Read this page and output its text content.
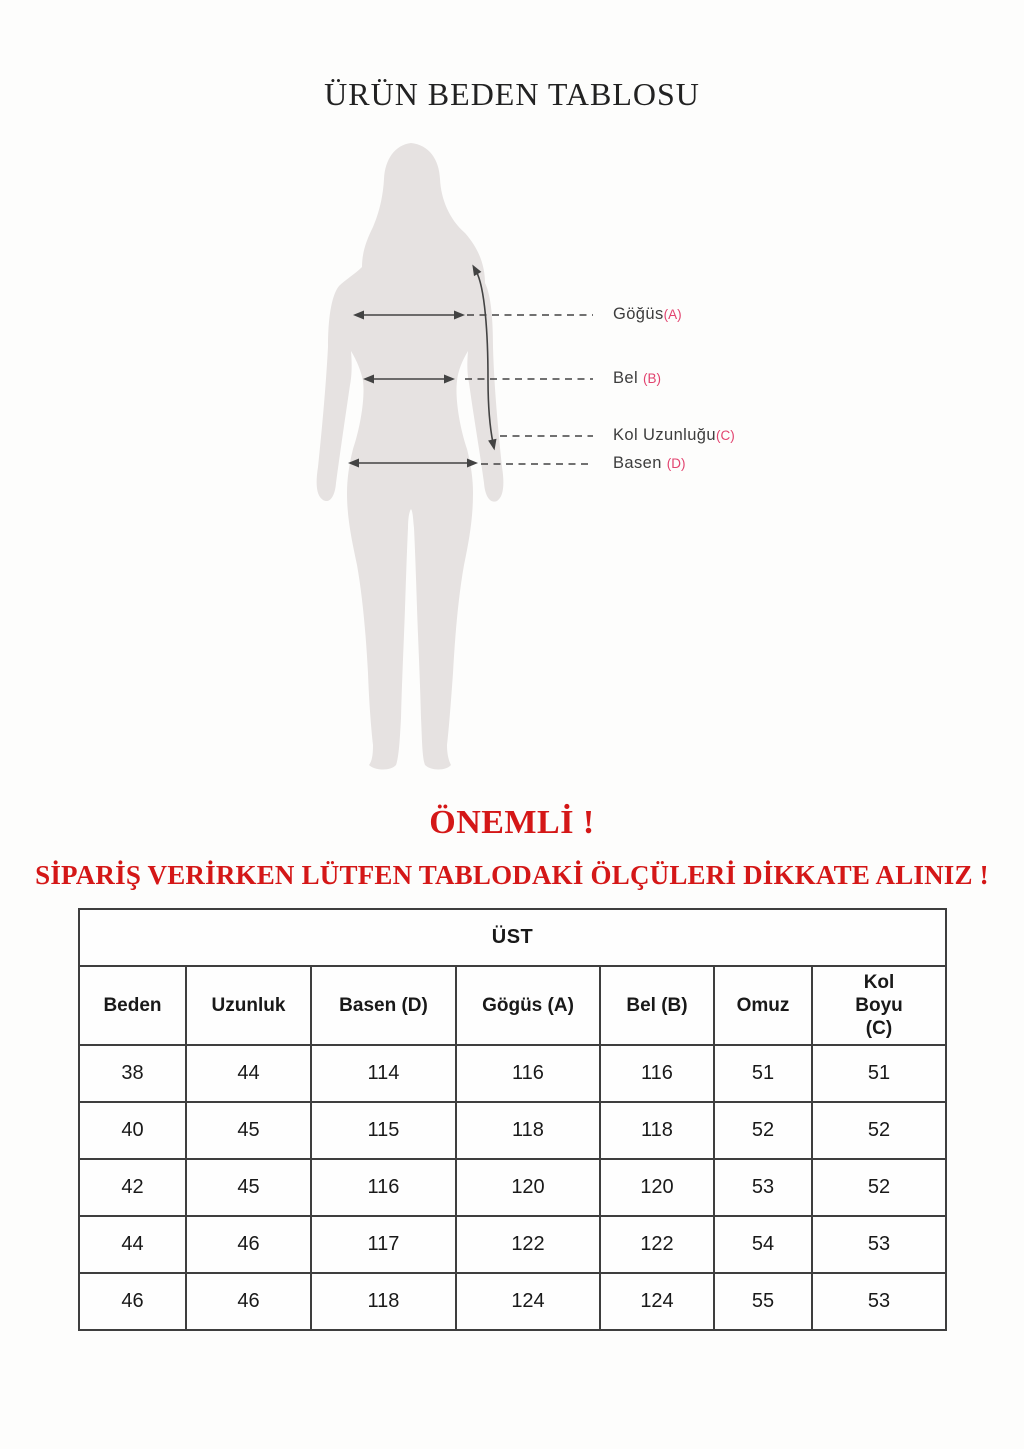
ÜRÜN BEDEN TABLOSU
Göğüs(A)
Bel (B)
Kol Uzunluğu(C)
Basen (D)
ÖNEMLİ !
SİPARİŞ VERİRKEN LÜTFEN TABLODAKİ ÖLÇÜLERİ DİKKATE ALINIZ !
ÜST						
Beden	Uzunluk	Basen (D)	Gögüs (A)	Bel (B)	Omuz	Kol Boyu (C)
38	44	114	116	116	51	51
40	45	115	118	118	52	52
42	45	116	120	120	53	52
44	46	117	122	122	54	53
46	46	118	124	124	55	53
